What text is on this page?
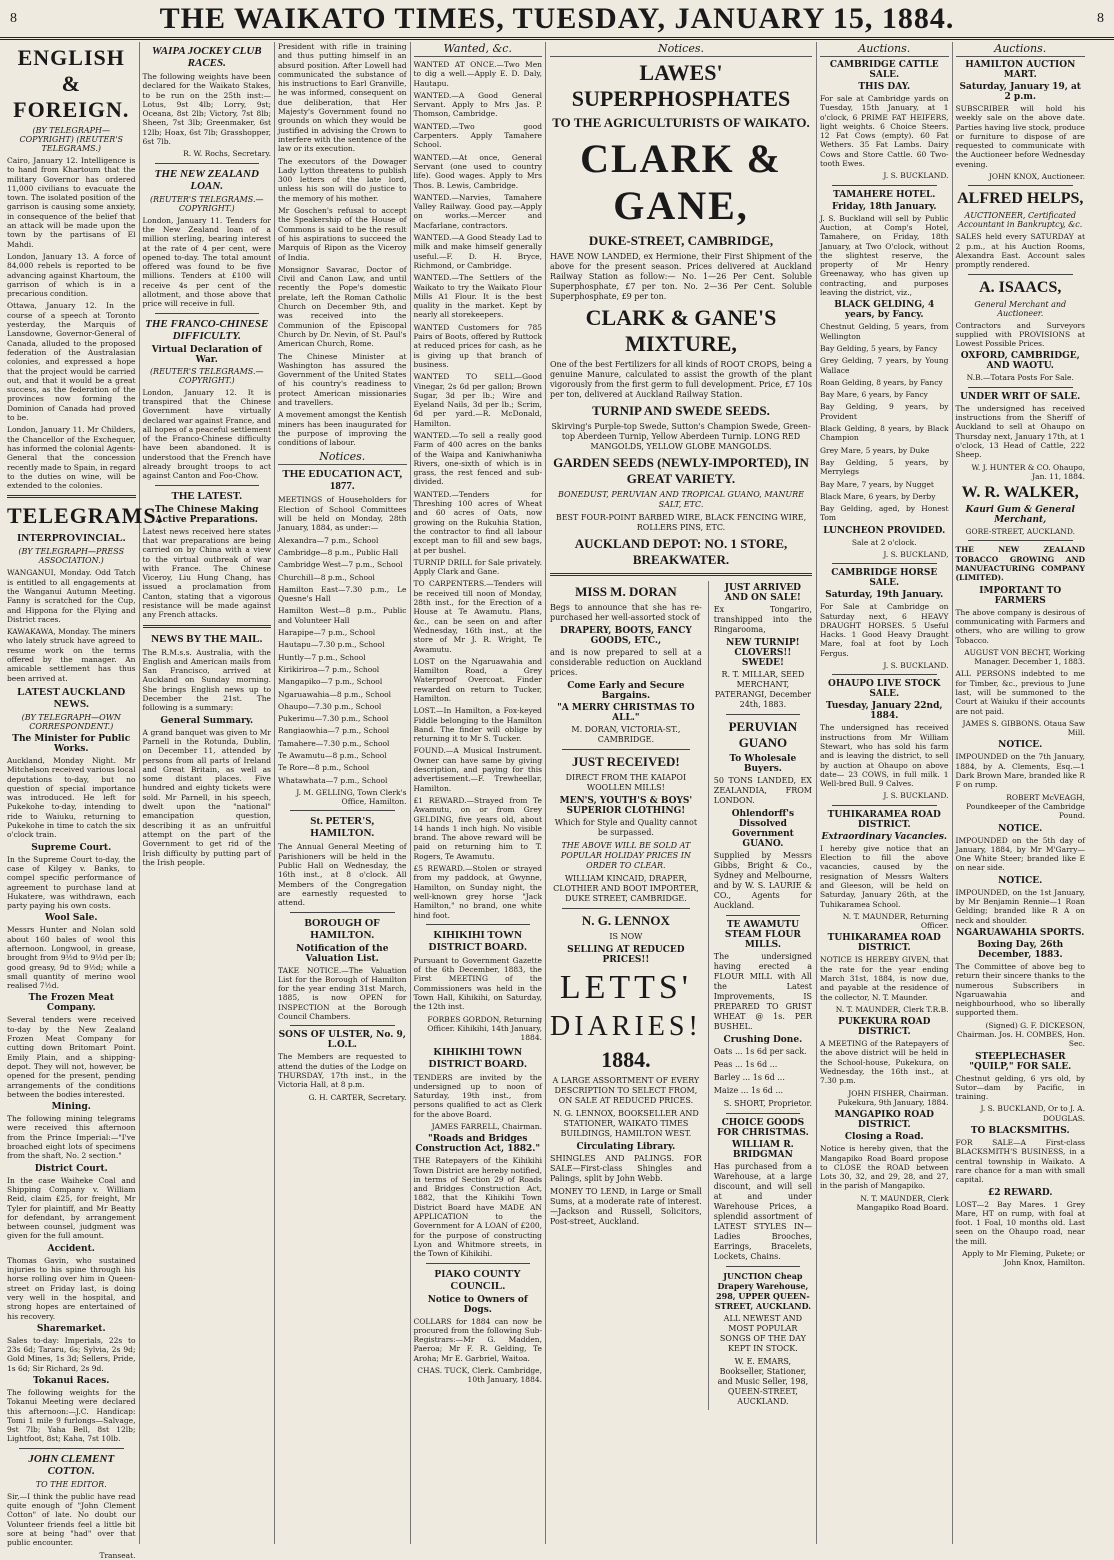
8	THE WAIKATO TIMES, TUESDAY, JANUARY 15, 1884.	8
ENGLISH & FOREIGN.
(BY TELEGRAPH—COPYRIGHT) (REUTER'S TELEGRAMS.)

Cairo, January 12. Intelligence is to hand from Khartoum that the military Governor has ordered 11,000 civilians to evacuate the town. The isolated position of the garrison is causing some anxiety, in consequence of the belief that an attack will be made upon the town by the partisans of El Mahdi.

London, January 13. A force of 84,000 rebels is reported to be advancing against Khartoum, the garrison of which is in a precarious condition.

Ottawa, January 12. In the course of a speech at Toronto yesterday, the Marquis of Lansdowne, Governor-General of Canada, alluded to the proposed federation of the Australasian colonies, and expressed a hope that the project would be carried out, and that it would be a great success, as the federation of the provinces now forming the Dominion of Canada had proved to be.

London, January 11. Mr Childers, the Chancellor of the Exchequer, has informed the colonial Agents-General that the concession recently made to Spain, in regard to the duties on wine, will be extended to the colonies.

TELEGRAMS.
INTERPROVINCIAL.
(BY TELEGRAPH—PRESS ASSOCIATION.)

WANGANUI, Monday. Odd Tatch is entitled to all engagements at the Wanganui Autumn Meeting. Fanny is scratched for the Cup, and Hippona for the Flying and District races.

KAWAKAWA, Monday. The miners who lately struck have agreed to resume work on the terms offered by the manager. An amicable settlement has thus been arrived at.

LATEST AUCKLAND NEWS.
(BY TELEGRAPH—OWN CORRESPONDENT.)
The Minister for Public Works.

Auckland, Monday Night. Mr Mitchelson received various local deputations to-day, but no question of special importance was introduced. He left for Pukekohe to-day, intending to ride to Waiuku, returning to Pukekohe in time to catch the six o'clock train.

Supreme Court.

In the Supreme Court to-day, the case of Kilgey v. Banks, to compel specific performance of agreement to purchase land at Hukatere, was withdrawn, each party paying his own costs.

Wool Sale.

Messrs Hunter and Nolan sold about 160 bales of wool this afternoon. Longwool, in grease, brought from 9½d to 9½d per lb; good greasy, 9d to 9½d; while a small quantity of merino wool realised 7½d.

The Frozen Meat Company.

Several tenders were received to-day by the New Zealand Frozen Meat Company for cutting down Britomart Point. Emily Plain, and a shipping-depot. They will not, however, be opened for the present, pending arrangements of the conditions between the bodies interested.

Mining.

The following mining telegrams were received this afternoon from the Prince Imperial:—"I've broached eight lots of specimens from the shaft, No. 2 section."

District Court.

In the case Waiheke Coal and Shipping Company v. William Reid, claim £25, for freight, Mr Tyler for plaintiff, and Mr Beatty for defendant, by arrangement between counsel, judgment was given for the full amount.

Accident.

Thomas Gavin, who sustained injuries to his spine through his horse rolling over him in Queen-street on Friday last, is doing very well in the hospital, and strong hopes are entertained of his recovery.

Sharemarket.

Sales to-day: Imperials, 22s to 23s 6d; Tararu, 6s; Sylvia, 2s 9d; Gold Mines, 1s 3d; Sellers, Pride, 1s 6d; Sir Richard, 2s 9d.

Tokanui Races.

The following weights for the Tokanui Meeting were declared this afternoon:—J.C. Handicap: Tomi 1 mile 9 furlongs—Salvage, 9st 7lb; Yaha Bell, 8st 12lb; Lightfoot, 8st; Kaha, 7st 10lb.

JOHN CLEMENT COTTON.
TO THE EDITOR.

Sir,—I think the public have read quite enough of "John Clement Cotton" of late. No doubt our Volunteer friends feel a little bit sore at being "had" over that public encounter.

Transeat.

WAIPA JOCKEY CLUB RACES.

The following weights have been declared for the Waikato Stakes, to be run on the 25th inst:—Lotus, 9st 4lb; Lorry, 9st; Oceana, 8st 2lb; Victory, 7st 8lb; Sheen, 7st 3lb; Greenmaker, 6st 12lb; Hoax, 6st 7lb; Grasshopper, 6st 7lb.

R. W. Rochs, Secretary.

THE NEW ZEALAND LOAN.
(REUTER'S TELEGRAMS.—COPYRIGHT.)

London, January 11. Tenders for the New Zealand loan of a million sterling, bearing interest at the rate of 4 per cent, were opened to-day. The total amount offered was found to be five millions. Tenders at £100 will receive 4s per cent of the allotment, and those above that price will receive in full.

THE FRANCO-CHINESE DIFFICULTY.
Virtual Declaration of War.
(REUTER'S TELEGRAMS.—COPYRIGHT.)

London, January 12. It is transpired that the Chinese Government have virtually declared war against France, and all hopes of a peaceful settlement of the Franco-Chinese difficulty have been abandoned. It is understood that the French have already brought troops to act against Canton and Foo-Chow.

THE LATEST.
The Chinese Making Active Preparations.

Latest news received here states that war preparations are being carried on by China with a view to the virtual outbreak of war with France. The Chinese Viceroy, Liu Hung Chang, has issued a proclamation from Canton, stating that a vigorous resistance will be made against any French attacks.

NEWS BY THE MAIL.

The R.M.s.s. Australia, with the English and American mails from San Francisco, arrived at Auckland on Sunday morning. She brings English news up to December the 21st. The following is a summary:

General Summary.

A grand banquet was given to Mr Parnell in the Rotunda, Dublin, on December 11, attended by persons from all parts of Ireland and Great Britain, as well as some distant places. Five hundred and eighty tickets were sold. Mr Parnell, in his speech, dwelt upon the "national" emancipation question, describing it as an unfruitful attempt on the part of the Government to get rid of the Irish difficulty by putting part of the Irish people.

President with rifle in training and thus putting himself in an absurd position. After Lowell had communicated the substance of his instructions to Earl Granville, he was informed, consequent on due deliberation, that Her Majesty's Government found no grounds on which they would be justified in advising the Crown to interfere with the sentence of the law or its execution.

The executors of the Dowager Lady Lytton threatens to publish 300 letters of the late lord, unless his son will do justice to the memory of his mother.

Mr Goschen's refusal to accept the Speakership of the House of Commons is said to be the result of his aspirations to succeed the Marquis of Ripon as the Viceroy of India.

Monsignor Savarac, Doctor of Civil and Canon Law, and until recently the Pope's domestic prelate, left the Roman Catholic Church on December 9th, and was received into the Communion of the Episcopal Church by Dr. Nevin, of St. Paul's American Church, Rome.

The Chinese Minister at Washington has assured the Government of the United States of his country's readiness to protect American missionaries and travellers.

A movement amongst the Kentish miners has been inaugurated for the purpose of improving the conditions of labour.

Notices.
THE EDUCATION ACT, 1877.

MEETINGS of Householders for Election of School Committees will be held on Monday, 28th January, 1884, as under:—

Alexandra—7 p.m., School

Cambridge—8 p.m., Public Hall

Cambridge West—7 p.m., School

Churchill—8 p.m., School

Hamilton East—7.30 p.m., Le Quesne's Hall

Hamilton West—8 p.m., Public and Volunteer Hall

Harapipe—7 p.m., School

Hautapu—7.30 p.m., School

Huntly—7 p.m., School

Kirikiriroa—7 p.m., School

Mangapiko—7 p.m., School

Ngaruawahia—8 p.m., School

Ohaupo—7.30 p.m., School

Pukerimu—7.30 p.m., School

Rangiaowhia—7 p.m., School

Tamahere—7.30 p.m., School

Te Awamutu—8 p.m., School

Te Rore—8 p.m., School

Whatawhata—7 p.m., School

J. M. GELLING, Town Clerk's Office, Hamilton.

St. PETER'S, HAMILTON.

The Annual General Meeting of Parishioners will be held in the Public Hall on Wednesday, the 16th inst., at 8 o'clock. All Members of the Congregation are earnestly requested to attend.

BOROUGH OF HAMILTON.
Notification of the Valuation List.

TAKE NOTICE.—The Valuation List for the Borough of Hamilton for the year ending 31st March, 1885, is now OPEN for INSPECTION at the Borough Council Chambers.

SONS OF ULSTER, No. 9, L.O.L.

The Members are requested to attend the duties of the Lodge on THURSDAY, 17th inst., in the Victoria Hall, at 8 p.m.

G. H. CARTER, Secretary.

Wanted, &c.

WANTED AT ONCE.—Two Men to dig a well.—Apply E. D. Daly, Hautapu.

WANTED.—A Good General Servant. Apply to Mrs Jas. P. Thomson, Cambridge.

WANTED.—Two good Carpenters. Apply Tamahere School.

WANTED.—At once, General Servant (one used to country life). Good wages. Apply to Mrs Thos. B. Lewis, Cambridge.

WANTED.—Narvies, Tamahere Valley Railway. Good pay.—Apply on works.—Mercer and Macfarlane, contractors.

WANTED.—A Good Steady Lad to milk and make himself generally useful.—F. D. H. Bryce, Richmond, or Cambridge.

WANTED.—The Settlers of the Waikato to try the Waikato Flour Mills A1 Flour. It is the best quality in the market. Kept by nearly all storekeepers.

WANTED Customers for 785 Pairs of Boots, offered by Ruttock at reduced prices for cash, as he is giving up that branch of business.

WANTED TO SELL—Good Vinegar, 2s 6d per gallon; Brown Sugar, 3d per lb.; Wire and Eyeland Nails, 3d per lb.; Scrim, 6d per yard.—R. McDonald, Hamilton.

WANTED.—To sell a really good Farm of 400 acres on the banks of the Waipa and Kaniwhaniwha Rivers, one-sixth of which is in grass, the rest fenced and sub-divided.

WANTED.—Tenders for Threshing 100 acres of Wheat and 60 acres of Oats, now growing on the Rukuhia Station, the contractor to find all labour except man to fill and sew bags, at per bushel.

TURNIP DRILL for Sale privately. Apply Clark and Gane.

TO CARPENTERS.—Tenders will be received till noon of Monday, 28th inst., for the Erection of a House at Te Awamutu. Plans, &c., can be seen on and after Wednesday, 16th inst., at the store of Mr J. R. Wright, Te Awamutu.

LOST on the Ngaruawahia and Hamilton Road, a Grey Waterproof Overcoat. Finder rewarded on return to Tucker, Hamilton.

LOST.—In Hamilton, a Fox-keyed Fiddle belonging to the Hamilton Band. The finder will oblige by returning it to Mr S. Tucker.

FOUND.—A Musical Instrument. Owner can have same by giving description, and paying for this advertisement.—F. Trewheellar, Hamilton.

£1 REWARD.—Strayed from Te Awamutu, on or from Grey GELDING, five years old, about 14 hands 1 inch high. No visible brand. The above reward will be paid on returning him to T. Rogers, Te Awamutu.

£5 REWARD.—Stolen or strayed from my paddock, at Gwynne, Hamilton, on Sunday night, the well-known grey horse "Jack Hamilton," no brand, one white hind foot.

KIHIKIHI TOWN DISTRICT BOARD.

Pursuant to Government Gazette of the 6th December, 1883, the First MEETING of the Commissioners was held in the Town Hall, Kihikihi, on Saturday, the 12th inst.

FORBES GORDON, Returning Officer. Kihikihi, 14th January, 1884.

KIHIKIHI TOWN DISTRICT BOARD.

TENDERS are invited by the undersigned up to noon of Saturday, 19th inst., from persons qualified to act as Clerk for the above Board.

JAMES FARRELL, Chairman.

"Roads and Bridges Construction Act, 1882."

THE Ratepayers of the Kihikihi Town District are hereby notified, in terms of Section 29 of Roads and Bridges Construction Act, 1882, that the Kihikihi Town District Board have MADE AN APPLICATION to the Government for A LOAN of £200, for the purpose of constructing Lyon and Whitmore streets, in the Town of Kihikihi.

PIAKO COUNTY COUNCIL.
Notice to Owners of Dogs.

COLLARS for 1884 can now be procured from the following Sub-Registrars:—Mr G. Madden, Paeroa; Mr F. R. Gelding, Te Aroha; Mr E. Garbriel, Waitoa.

CHAS. TUCK, Clerk. Cambridge, 10th January, 1884.

Notices.
LAWES' SUPERPHOSPHATES
TO THE AGRICULTURISTS OF WAIKATO.
CLARK & GANE,
DUKE-STREET, CAMBRIDGE,

HAVE NOW LANDED, ex Hermione, their First Shipment of the above for the present season. Prices delivered at Auckland Railway Station as follow:— No. 1—26 Per Cent. Soluble Superphosphate, £7 per ton. No. 2—36 Per Cent. Soluble Superphosphate, £9 per ton.

CLARK & GANE'S MIXTURE,

One of the best Fertilizers for all kinds of ROOT CROPS, being a genuine Manure, calculated to assist the growth of the plant vigorously from the first germ to full development. Price, £7 10s per ton, delivered at Auckland Railway Station.

TURNIP AND SWEDE SEEDS.

Skirving's Purple-top Swede, Sutton's Champion Swede, Green-top Aberdeen Turnip, Yellow Aberdeen Turnip. LONG RED MANGOLDS, YELLOW GLOBE MANGOLDS.

GARDEN SEEDS (NEWLY-IMPORTED), IN GREAT VARIETY.

BONEDUST, PERUVIAN AND TROPICAL GUANO, MANURE SALT, ETC.

BEST FOUR-POINT BARBED WIRE, BLACK FENCING WIRE, ROLLERS PINS, ETC.

AUCKLAND DEPOT: NO. 1 STORE, BREAKWATER.
MISS M. DORAN

Begs to announce that she has re-purchased her well-assorted stock of

DRAPERY, BOOTS, FANCY GOODS, ETC.,

and is now prepared to sell at a considerable reduction on Auckland prices.

Come Early and Secure Bargains.
"A MERRY CHRISTMAS TO ALL."

M. DORAN, VICTORIA-ST., CAMBRIDGE.

JUST RECEIVED!

DIRECT FROM THE KAIAPOI WOOLLEN MILLS!

MEN'S, YOUTH'S & BOYS' SUPERIOR CLOTHING!

Which for Style and Quality cannot be surpassed.

THE ABOVE WILL BE SOLD AT POPULAR HOLIDAY PRICES IN ORDER TO CLEAR.

WILLIAM KINCAID, DRAPER, CLOTHIER AND BOOT IMPORTER, DUKE STREET, CAMBRIDGE.

N. G. LENNOX

IS NOW

SELLING AT REDUCED PRICES!!
LETTS'
DIARIES!
1884.

A LARGE ASSORTMENT OF EVERY DESCRIPTION TO SELECT FROM, ON SALE AT REDUCED PRICES.

N. G. LENNOX, BOOKSELLER AND STATIONER, WAIKATO TIMES BUILDINGS, HAMILTON WEST.

Circulating Library.

SHINGLES AND PALINGS. FOR SALE—First-class Shingles and Palings, split by John Webb.

MONEY TO LEND, in Large or Small Sums, at a moderate rate of interest.—Jackson and Russell, Solicitors, Post-street, Auckland.

JUST ARRIVED AND ON SALE!

Ex Tongariro, transhipped into the Ringarooma,

NEW TURNIP! CLOVERS!! SWEDE!

R. T. MILLAR, SEED MERCHANT, PATERANGI, December 24th, 1883.

PERUVIAN GUANO
To Wholesale Buyers.

50 TONS LANDED, EX ZEALANDIA, FROM LONDON.

Ohlendorff's Dissolved Government GUANO.

Supplied by Messrs Gibbs, Bright & Co., Sydney and Melbourne, and by W. S. LAURIE & CO., Agents for Auckland.

TE AWAMUTU STEAM FLOUR MILLS.

The undersigned having erected a FLOUR MILL with All the Latest Improvements, IS PREPARED TO GRIST WHEAT @ 1s. PER BUSHEL.

Crushing Done.

Oats ... 1s 6d per sack.

Peas ... 1s 6d ...

Barley ... 1s 6d ...

Maize ... 1s 6d ...

S. SHORT, Proprietor.

CHOICE GOODS FOR CHRISTMAS.
WILLIAM R. BRIDGMAN

Has purchased from a Warehouse, at a large discount, and will sell at and under Warehouse Prices, a splendid assortment of LATEST STYLES IN— Ladies Brooches, Earrings, Bracelets, Lockets, Chains.

JUNCTION Cheap Drapery Warehouse, 298, UPPER QUEEN-STREET, AUCKLAND.

ALL NEWEST AND MOST POPULAR SONGS OF THE DAY KEPT IN STOCK.

W. E. EMARS, Bookseller, Stationer, and Music Seller, 198, QUEEN-STREET, AUCKLAND.

Auctions.
CAMBRIDGE CATTLE SALE.
THIS DAY.

For sale at Cambridge yards on Tuesday, 15th January, at 1 o'clock, 6 PRIME FAT HEIFERS, light weights. 6 Choice Steers. 12 Fat Cows (empty). 60 Fat Wethers. 35 Fat Lambs. Dairy Cows and Store Cattle. 60 Two-tooth Ewes.

J. S. BUCKLAND.

TAMAHERE HOTEL.
Friday, 18th January.

J. S. Buckland will sell by Public Auction, at Comp's Hotel, Tamahere, on Friday, 18th January, at Two O'clock, without the slightest reserve, the property of Mr Henry Greenaway, who has given up contracting, and purposes leaving the district, viz.,

BLACK GELDING, 4 years, by Fancy.

Chestnut Gelding, 5 years, from Wellington

Bay Gelding, 5 years, by Fancy

Grey Gelding, 7 years, by Young Wallace

Roan Gelding, 8 years, by Fancy

Bay Mare, 6 years, by Fancy

Bay Gelding, 9 years, by Provident

Black Gelding, 8 years, by Black Champion

Grey Mare, 5 years, by Duke

Bay Gelding, 5 years, by Merrylegs

Bay Mare, 7 years, by Nugget

Black Mare, 6 years, by Derby

Bay Gelding, aged, by Honest Tom

LUNCHEON PROVIDED.

Sale at 2 o'clock.

J. S. BUCKLAND,

CAMBRIDGE HORSE SALE.
Saturday, 19th January.

For Sale at Cambridge on Saturday next, 6 HEAVY DRAUGHT HORSES. 5 Useful Hacks. 1 Good Heavy Draught Mare, foal at foot by Loch Fergus.

J. S. BUCKLAND.

OHAUPO LIVE STOCK SALE.
Tuesday, January 22nd, 1884.

The undersigned has received instructions from Mr William Stewart, who has sold his farm and is leaving the district, to sell by auction at Ohaupo on above date— 23 COWS, in full milk. 1 Well-bred Bull. 9 Calves.

J. S. BUCKLAND.

TUHIKARAMEA ROAD DISTRICT.
Extraordinary Vacancies.

I hereby give notice that an Election to fill the above vacancies, caused by the resignation of Messrs Walters and Gleeson, will be held on Saturday, January 26th, at the Tuhikaramea School.

N. T. MAUNDER, Returning Officer.

TUHIKARAMEA ROAD DISTRICT.

NOTICE IS HEREBY GIVEN, that the rate for the year ending March 31st, 1884, is now due, and payable at the residence of the collector, N. T. Maunder.

N. T. MAUNDER, Clerk T.R.B.

PUKEKURA ROAD DISTRICT.

A MEETING of the Ratepayers of the above district will be held in the School-house, Pukekura, on Wednesday, the 16th inst., at 7.30 p.m.

JOHN FISHER, Chairman. Pukekura, 9th January, 1884.

MANGAPIKO ROAD DISTRICT.
Closing a Road.

Notice is hereby given, that the Mangapiko Road Board propose to CLOSE the ROAD between Lots 30, 32, and 29, 28, and 27, in the parish of Mangapiko.

N. T. MAUNDER, Clerk Mangapiko Road Board.

Auctions.
HAMILTON AUCTION MART.
Saturday, January 19, at 2 p.m.

SUBSCRIBER will hold his weekly sale on the above date. Parties having live stock, produce or furniture to dispose of are requested to communicate with the Auctioneer before Wednesday evening.

JOHN KNOX, Auctioneer.

ALFRED HELPS,
AUCTIONEER, Certificated Accountant in Bankruptcy, &c.

SALES held every SATURDAY at 2 p.m., at his Auction Rooms, Alexandra East. Account sales promptly rendered.

A. ISAACS,
General Merchant and Auctioneer.

Contractors and Surveyors supplied with PROVISIONS at Lowest Possible Prices.

OXFORD, CAMBRIDGE, AND WAOTU.

N.B.—Totara Posts For Sale.

UNDER WRIT OF SALE.

The undersigned has received instructions from the Sheriff of Auckland to sell at Ohaupo on Thursday next, January 17th, at 1 o'clock, 13 Head of Cattle, 222 Sheep.

W. J. HUNTER & CO. Ohaupo, Jan. 11, 1884.

W. R. WALKER,
Kauri Gum & General Merchant,

GORE-STREET, AUCKLAND.

THE NEW ZEALAND TOBACCO GROWING AND MANUFACTURING COMPANY (LIMITED).

IMPORTANT TO FARMERS

The above company is desirous of communicating with Farmers and others, who are willing to grow Tobacco.

AUGUST VON BECHT, Working Manager. December 1, 1883.

ALL PERSONS indebted to me for Timber, &c., previous to June last, will be summoned to the Court at Waiuku if their accounts are not paid.

JAMES S. GIBBONS. Otaua Saw Mill.

NOTICE.

IMPOUNDED on the 7th January, 1884, by A. Clements, Esq.—1 Dark Brown Mare, branded like R F on rump.

ROBERT McVEAGH, Poundkeeper of the Cambridge Pound.

NOTICE.

IMPOUNDED on the 5th day of January, 1884, by Mr M'Garry—One White Steer; branded like E on near side.

NOTICE.

IMPOUNDED, on the 1st January, by Mr Benjamin Rennie—1 Roan Gelding; branded like R A on neck and shoulder.

NGARUAWAHIA SPORTS.
Boxing Day, 26th December, 1883.

The Committee of above beg to return their sincere thanks to the numerous Subscribers in Ngaruawahia and neighbourhood, who so liberally supported them.

(Signed) G. F. DICKESON, Chairman. Jos. H. COMBES, Hon. Sec.

STEEPLECHASER "QUILP," FOR SALE.

Chestnut gelding, 6 yrs old, by Sutor—dam by Pacific, in training.

J. S. BUCKLAND, Or to J. A. DOUGLAS.

TO BLACKSMITHS.

FOR SALE—A First-class BLACKSMITH'S BUSINESS, in a central township in Waikato. A rare chance for a man with small capital.

£2 REWARD.

LOST—2 Bay Mares. 1 Grey Mare, HT on rump, with foal at foot. 1 Foal, 10 months old. Last seen on the Ohaupo road, near the mill.

Apply to Mr Fleming, Pukete; or John Knox, Hamilton.
